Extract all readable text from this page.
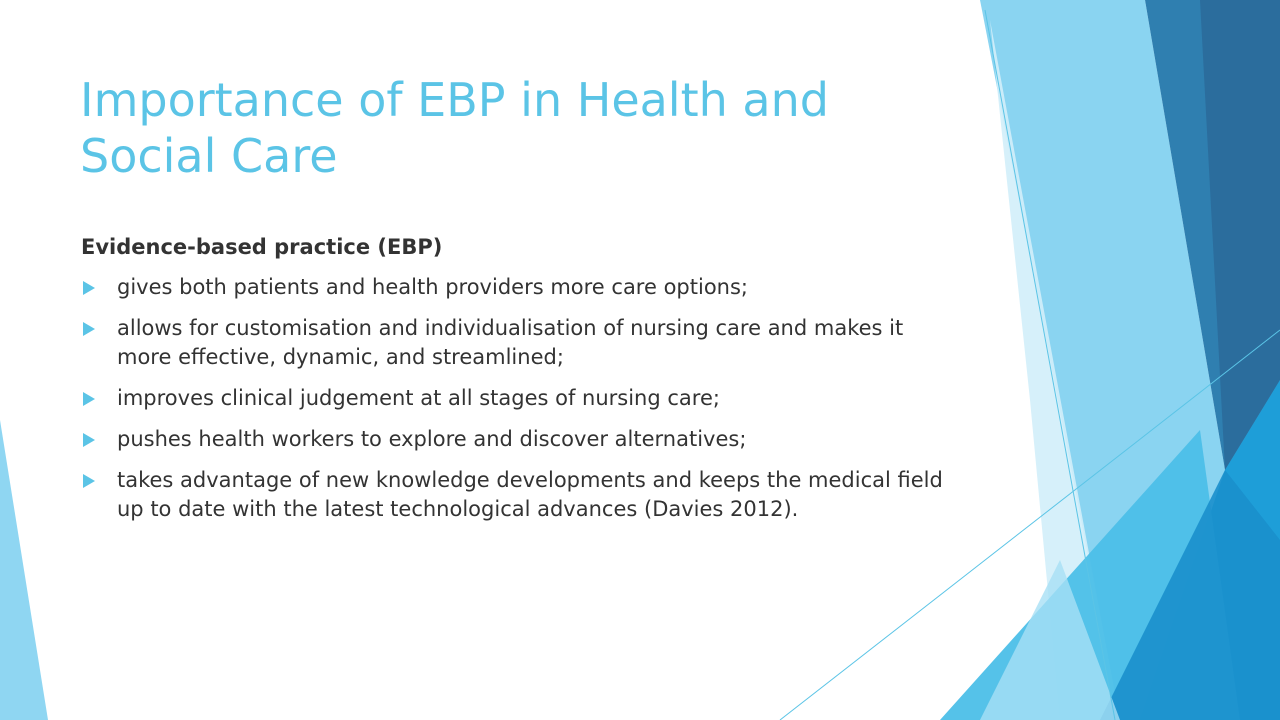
Importance of EBP in Health and Social Care
Evidence-based practice (EBP)
gives both patients and health providers more care options;
allows for customisation and individualisation of nursing care and makes it more effective, dynamic, and streamlined;
improves clinical judgement at all stages of nursing care;
pushes health workers to explore and discover alternatives;
takes advantage of new knowledge developments and keeps the medical field up to date with the latest technological advances (Davies 2012).
